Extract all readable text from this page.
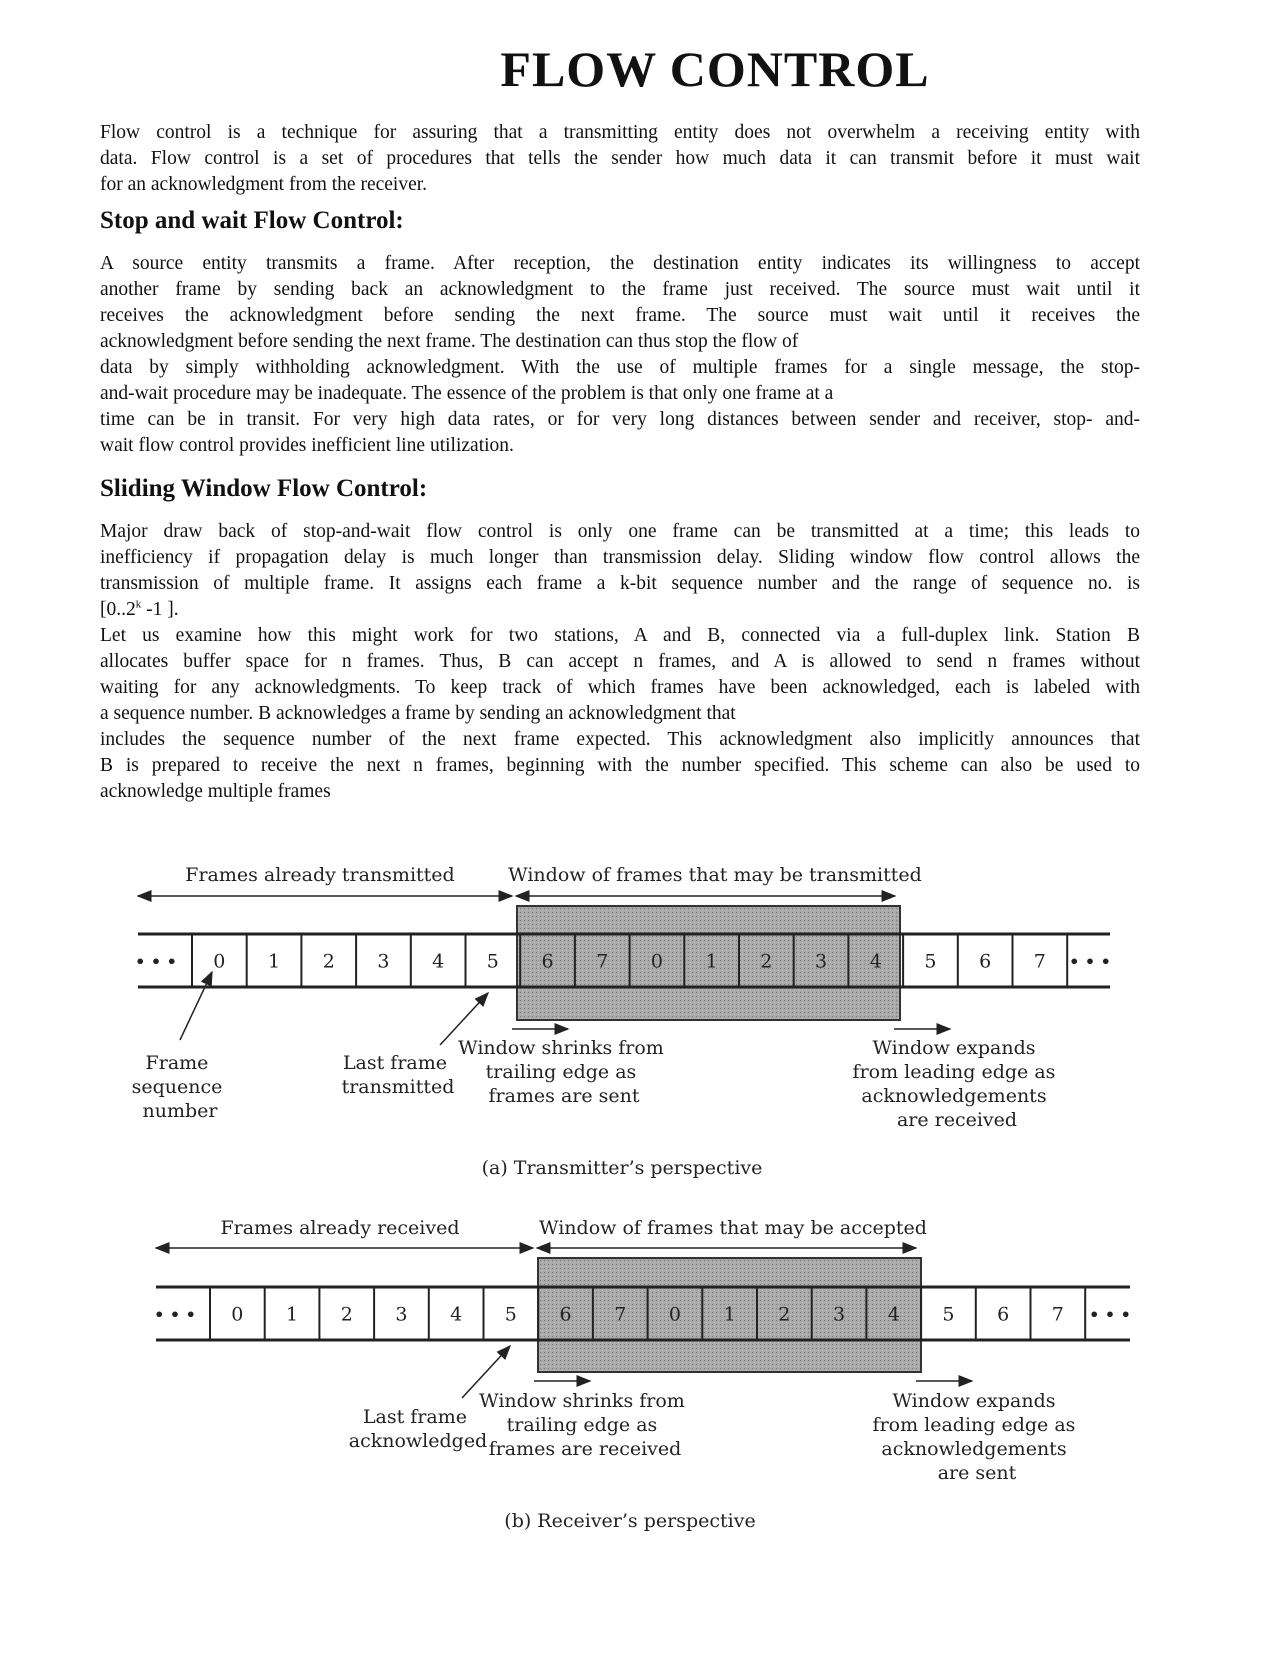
FLOW CONTROL

Flow control is a technique for assuring that a transmitting entity does not overwhelm a receiving entity with
data. Flow control is a set of procedures that tells the sender how much data it can transmit before it must wait
for an acknowledgment from the receiver.

Stop and wait Flow Control:

A source entity transmits a frame. After reception, the destination entity indicates its willingness to accept
another frame by sending back an acknowledgment to the frame just received. The source must wait until it
receives the acknowledgment before sending the next frame. The source must wait until it receives the
acknowledgment before sending the next frame. The destination can thus stop the flow of
data by simply withholding acknowledgment. With the use of multiple frames for a single message, the stop-
and-wait procedure may be inadequate. The essence of the problem is that only one frame at a
time can be in transit. For very high data rates, or for very long distances between sender and receiver, stop- and-
wait flow control provides inefficient line utilization.

Sliding Window Flow Control:

Major draw back of stop-and-wait flow control is only one frame can be transmitted at a time; this leads to
inefficiency if propagation delay is much longer than transmission delay. Sliding window flow control allows the
transmission of multiple frame. It assigns each frame a k-bit sequence number and the range of sequence no. is
[0..2$^k$ -1 ].
Let us examine how this might work for two stations, A and B, connected via a full-duplex link. Station B
allocates buffer space for n frames. Thus, B can accept n frames, and A is allowed to send n frames without
waiting for any acknowledgments. To keep track of which frames have been acknowledged, each is labeled with
a sequence number. B acknowledges a frame by sending an acknowledgment that
includes the sequence number of the next frame expected. This acknowledgment also implicitly announces that
B is prepared to receive the next n frames, beginning with the number specified. This scheme can also be used to
acknowledge multiple frames

Frames already transmitted	Window of frames that may be transmitted
• • •	• • •
0 1 2 3 4 5 6 7 0 1 2 3 4 5 6 7
Frame sequence number
Last frame transmitted
Window shrinks from trailing edge as frames are sent
Window expands from leading edge as acknowledgements are received
(a) Transmitter’s perspective
Frames already received	Window of frames that may be accepted
• • •	• • •
0 1 2 3 4 5 6 7 0 1 2 3 4 5 6 7
Last frame acknowledged
Window shrinks from trailing edge as frames are received
Window expands from leading edge as acknowledgements are sent
(b) Receiver’s perspective
